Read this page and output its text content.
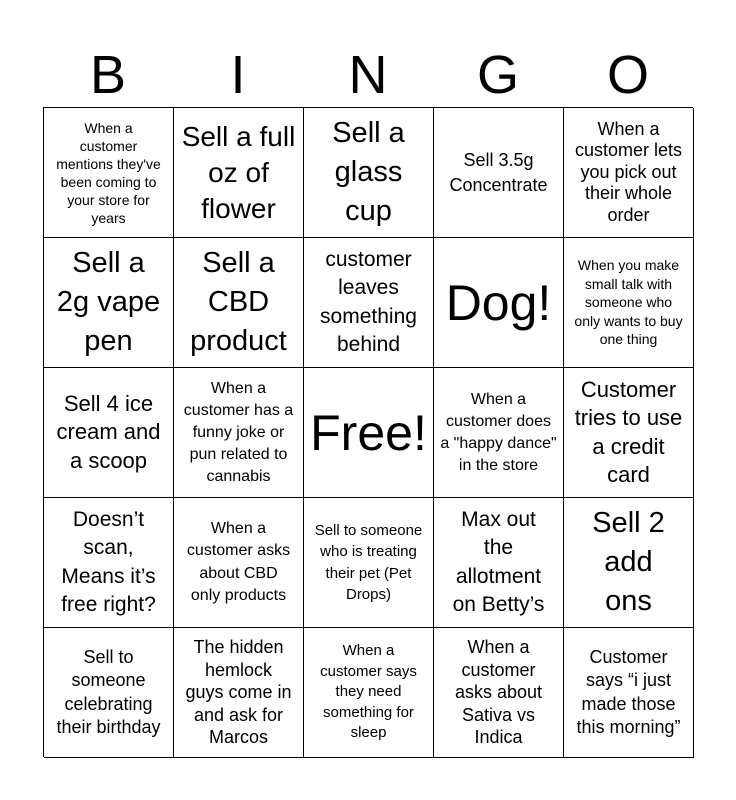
B	I	N	G	O
When a customer mentions they've been coming to your store for years
Sell a full oz of flower
Sell a glass cup
Sell 3.5g Concentrate
When a customer lets you pick out their whole order
Sell a 2g vape pen
Sell a CBD product
customer leaves something behind
Dog!
When you make small talk with someone who only wants to buy one thing
Sell 4 ice cream and a scoop
When a customer has a funny joke or pun related to cannabis
Free!
When a customer does a "happy dance" in the store
Customer tries to use a credit card
Doesn’t scan, Means it’s free right?
When a customer asks about CBD only products
Sell to someone who is treating their pet (Pet Drops)
Max out the allotment on Betty’s
Sell 2 add ons
Sell to someone celebrating their birthday
The hidden hemlock guys come in and ask for Marcos
When a customer says they need something for sleep
When a customer asks about Sativa vs Indica
Customer says “i just made those this morning”
